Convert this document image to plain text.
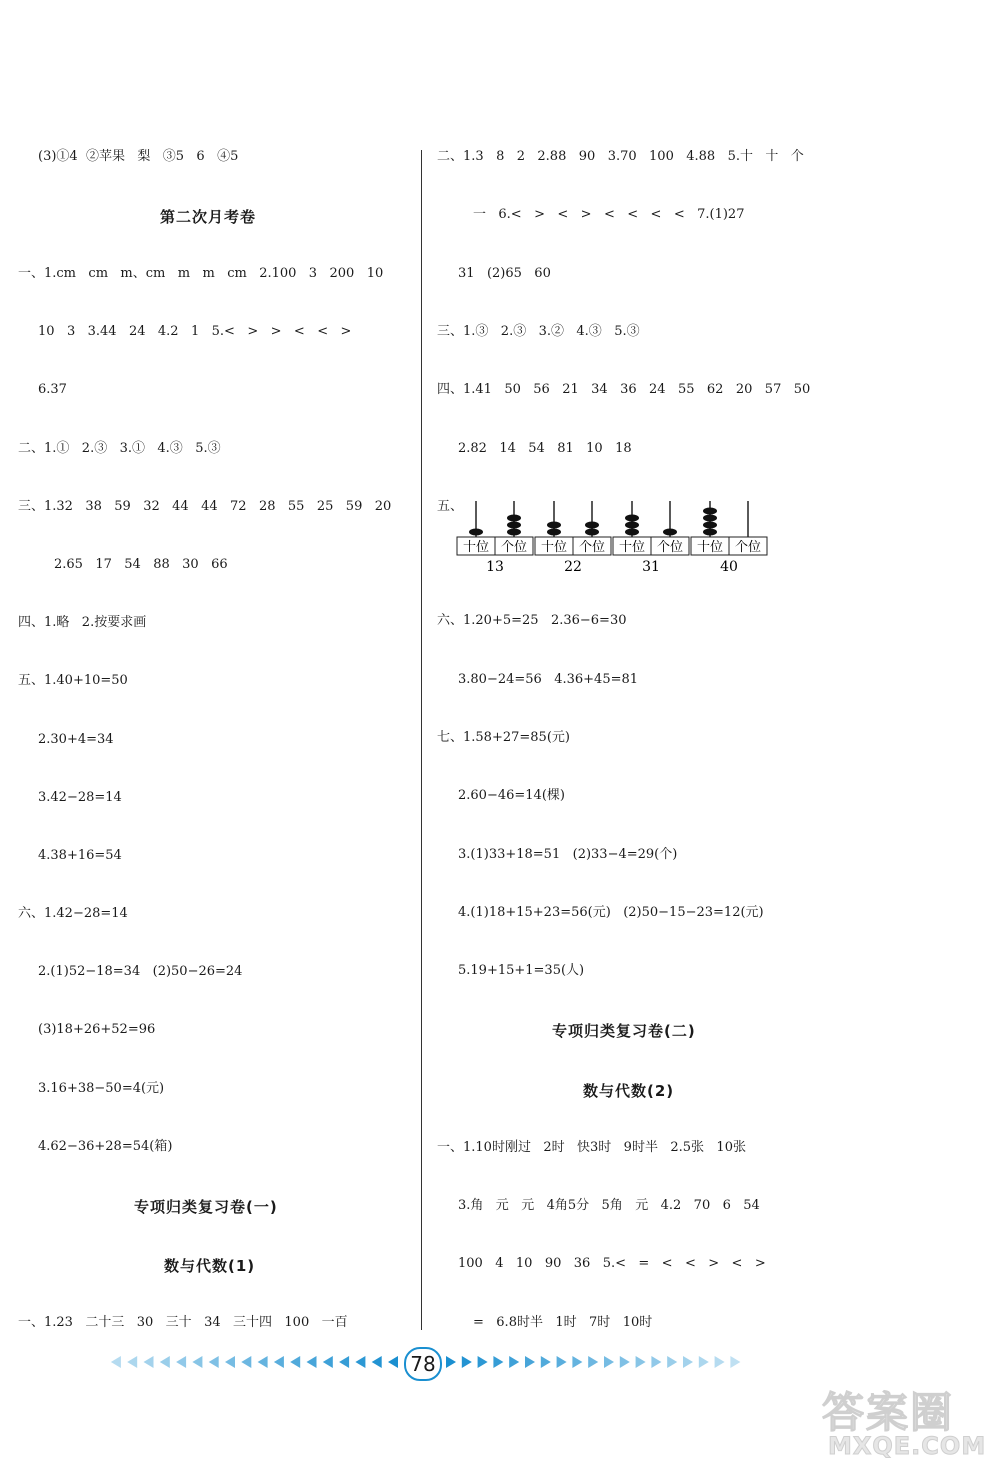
(3)①4  ②苹果   梨   ③5   6   ④5
第二次月考卷
一、1.cm   cm   m、cm   m   m   cm   2.100   3   200   10
10   3   3.44   24   4.2   1   5.<   >   >   <   <   >
6.37
二、1.①   2.③   3.①   4.③   5.③
三、1.32   38   59   32   44   44   72   28   55   25   59   20
2.65   17   54   88   30   66
四、1.略   2.按要求画
五、1.40+10=50
2.30+4=34
3.42−28=14
4.38+16=54
六、1.42−28=14
2.(1)52−18=34   (2)50−26=24
(3)18+26+52=96
3.16+38−50=4(元)
4.62−36+28=54(箱)
专项归类复习卷(一)
数与代数(1)
一、1.23   二十三   30   三十   34   三十四   100   一百
二、1.3   8   2   2.88   90   3.70   100   4.88   5.十   十   个
一   6.<   >   <   >   <   <   <   <   7.(1)27
31   (2)65   60
三、1.③   2.③   3.②   4.③   5.③
四、1.41   50   56   21   34   36   24   55   62   20   57   50
2.82   14   54   81   10   18
五、
十位 个位
13
十位 个位
22
十位 个位
31
十位 个位
40
六、1.20+5=25   2.36−6=30
3.80−24=56   4.36+45=81
七、1.58+27=85(元)
2.60−46=14(棵)
3.(1)33+18=51   (2)33−4=29(个)
4.(1)18+15+23=56(元)   (2)50−15−23=12(元)
5.19+15+1=35(人)
专项归类复习卷(二)
数与代数(2)
一、1.10时刚过   2时   快3时   9时半   2.5张   10张
3.角   元   元   4角5分   5角   元   4.2   70   6   54
100   4   10   90   36   5.<   =   <   <   >   <   >
=   6.8时半   1时   7时   10时
78
答案圈
MXQE.COM
